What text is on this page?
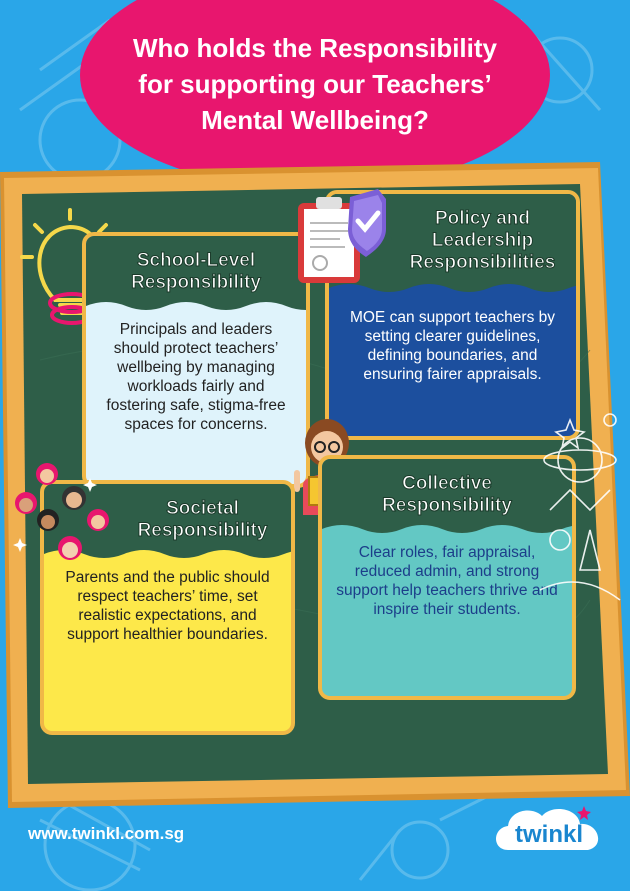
Who holds the Responsibility
for supporting our Teachers’
Mental Wellbeing?
School-Level
Responsibility
Principals and leaders should protect teachers’ wellbeing by managing workloads fairly and fostering safe, stigma-free spaces for concerns.
Policy and
Leadership
Responsibilities
MOE can support teachers by setting clearer guidelines, defining boundaries, and ensuring fairer appraisals.
Societal
Responsibility
Parents and the public should respect teachers’ time, set realistic expectations, and support healthier boundaries.
Collective
Responsibility
Clear roles, fair appraisal, reduced admin, and strong support help teachers thrive and inspire their students.
www.twinkl.com.sg	twinkl
